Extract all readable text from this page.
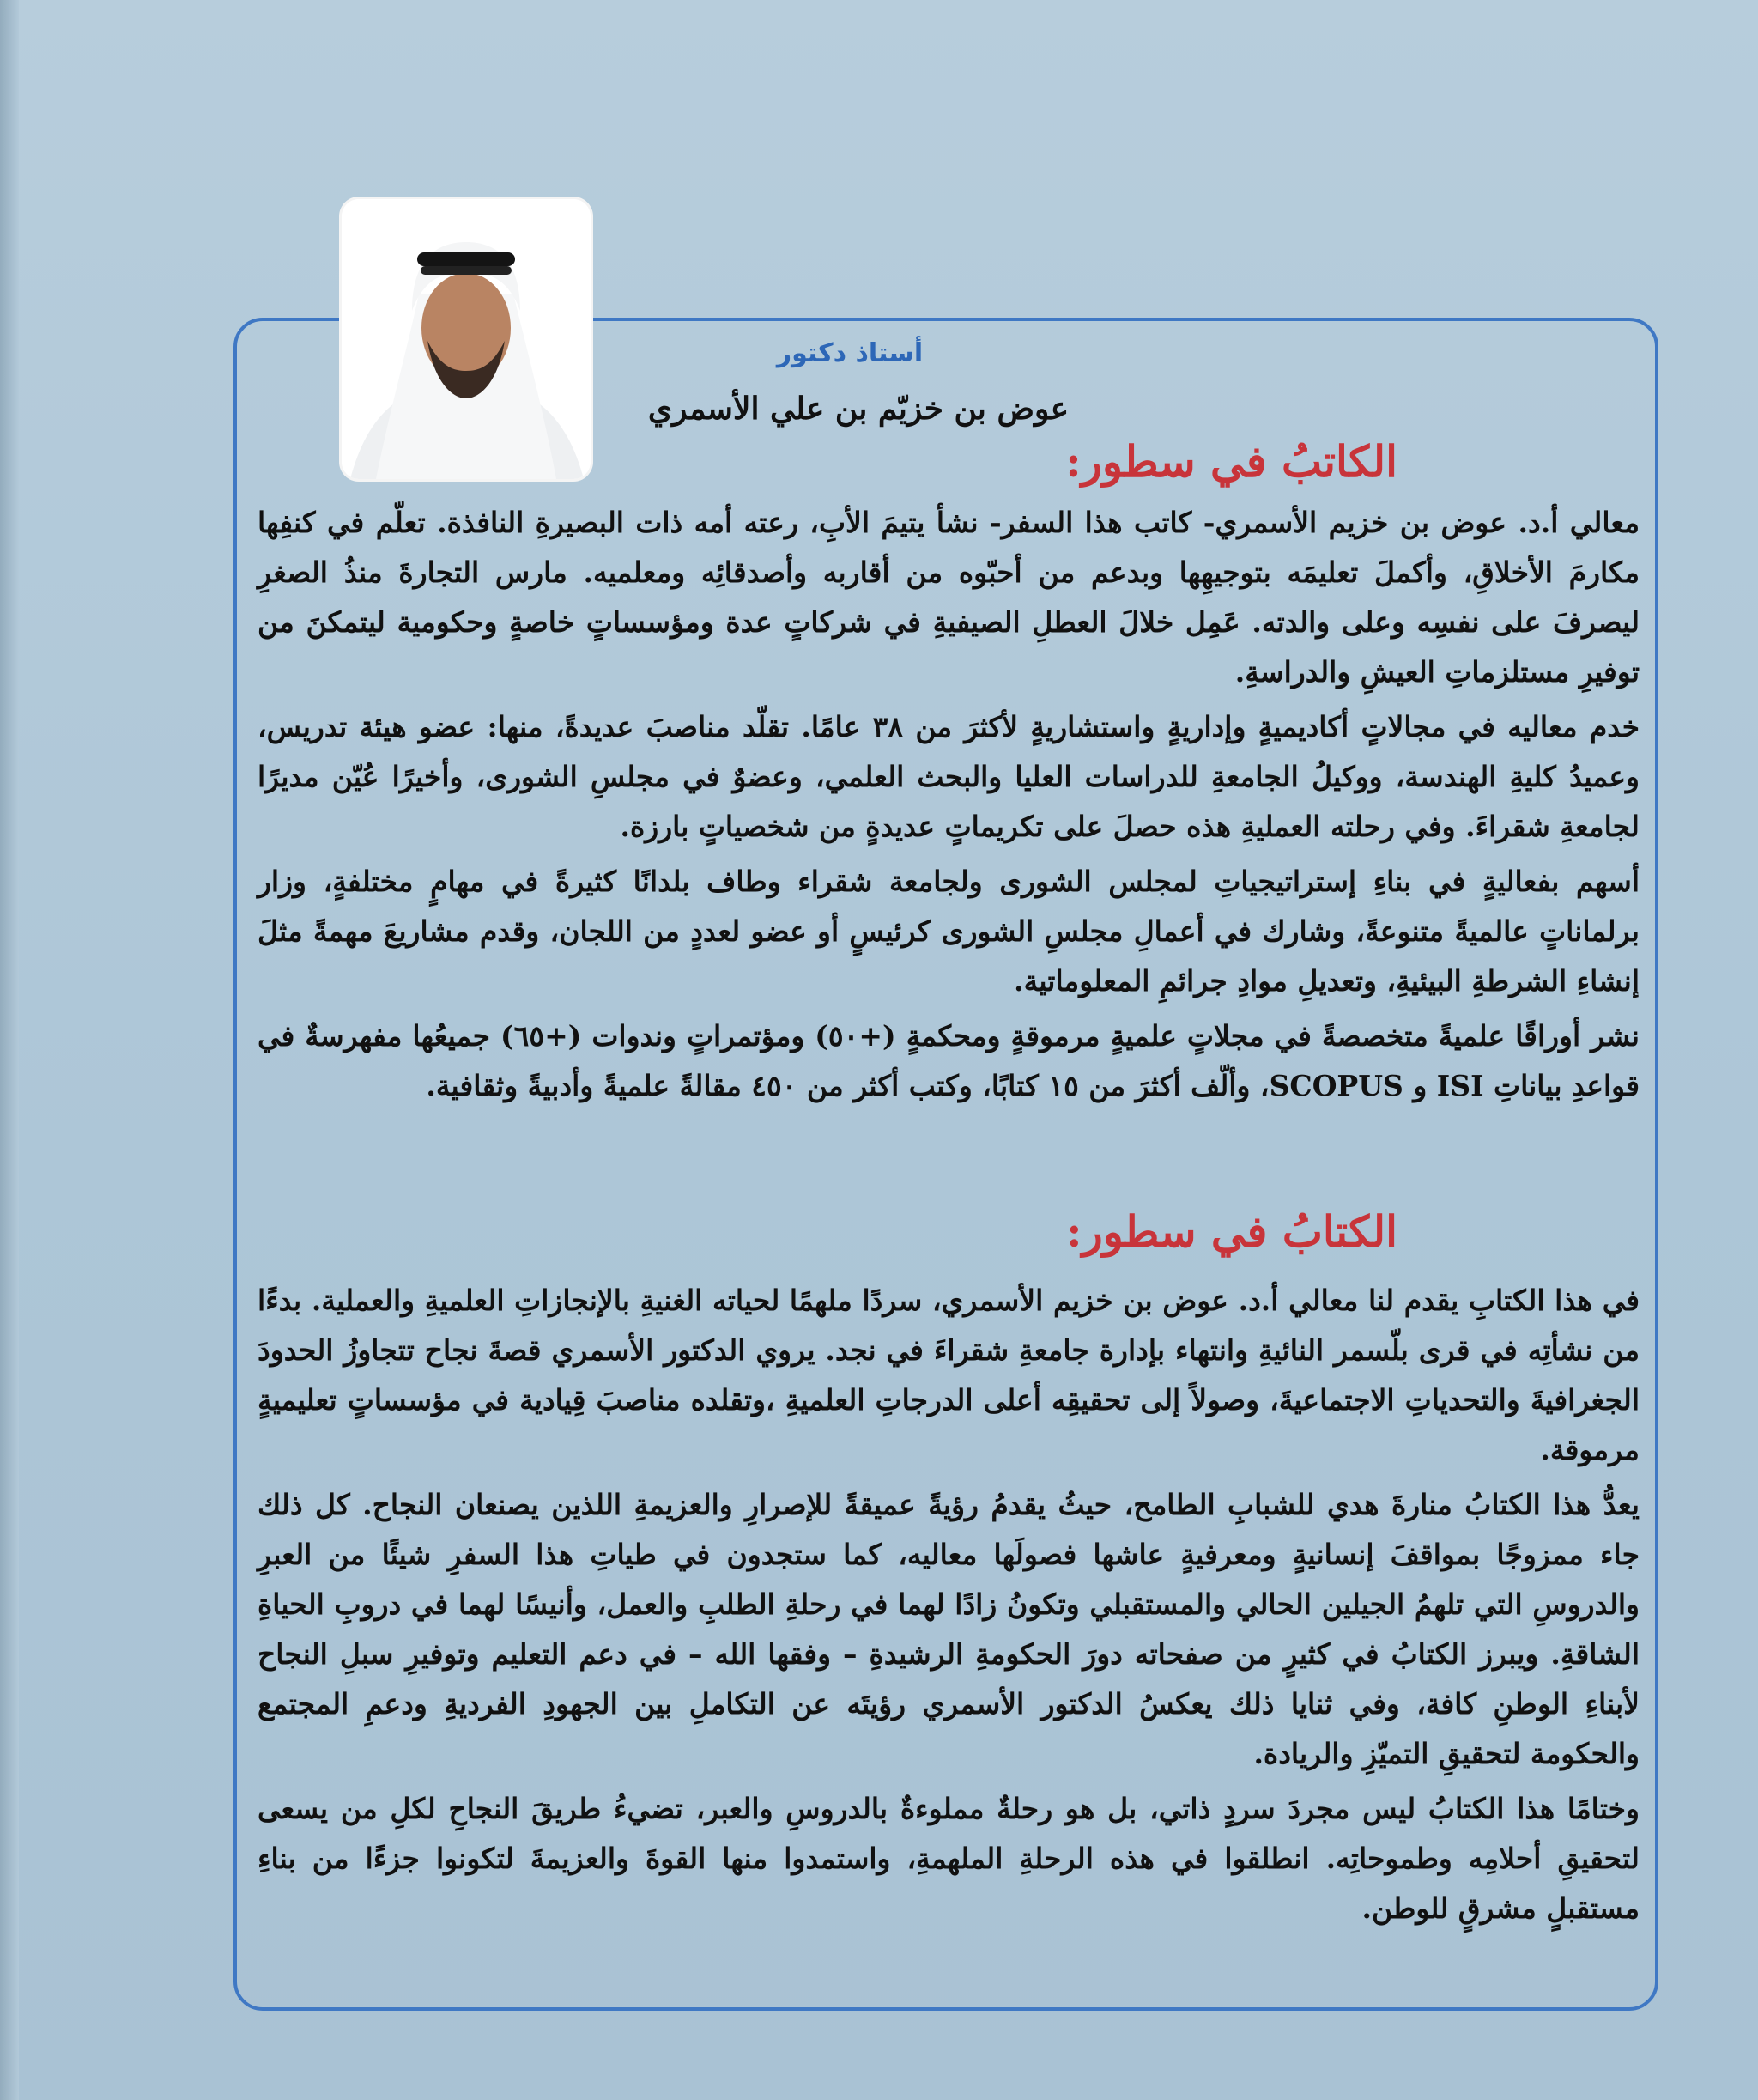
أستاذ دكتور
عوض بن خزيّم بن علي الأسمري
الكاتبُ في سطور:

معالي أ.د. عوض بن خزيم الأسمري- كاتب هذا السفر- نشأ يتيمَ الأبِ، رعته أمه ذات البصيرةِ النافذة. تعلّم في كنفِها مكارمَ الأخلاقِ، وأكملَ تعليمَه بتوجيهِها وبدعم من أحبّوه من أقاربه وأصدقائِه ومعلميه. مارس التجارةَ منذُ الصغرِ ليصرفَ على نفسِه وعلى والدته. عَمِل خلالَ العطلِ الصيفيةِ في شركاتٍ عدة ومؤسساتٍ خاصةٍ وحكومية ليتمكنَ من توفيرِ مستلزماتِ العيشِ والدراسةِ.

خدم معاليه في مجالاتٍ أكاديميةٍ وإداريةٍ واستشاريةٍ لأكثرَ من ٣٨ عامًا. تقلّد مناصبَ عديدةً، منها: عضو هيئة تدريس، وعميدُ كليةِ الهندسة، ووكيلُ الجامعةِ للدراسات العليا والبحث العلمي، وعضوٌ في مجلسِ الشورى، وأخيرًا عُيّن مديرًا لجامعةِ شقراءَ. وفي رحلته العمليةِ هذه حصلَ على تكريماتٍ عديدةٍ من شخصياتٍ بارزة.

أسهم بفعاليةٍ في بناءِ إستراتيجياتِ لمجلس الشورى ولجامعة شقراء وطاف بلدانًا كثيرةً في مهامٍ مختلفةٍ، وزار برلماناتٍ عالميةً متنوعةً، وشارك في أعمالِ مجلسِ الشورى كرئيسٍ أو عضو لعددٍ من اللجان، وقدم مشاريعَ مهمةً مثلَ إنشاءِ الشرطةِ البيئيةِ، وتعديلِ موادِ جرائمِ المعلوماتية.

نشر أوراقًا علميةً متخصصةً في مجلاتٍ علميةٍ مرموقةٍ ومحكمةٍ (+٥٠) ومؤتمراتٍ وندوات (+٦٥) جميعُها مفهرسةٌ في قواعدِ بياناتِ ISI و SCOPUS، وألّف أكثرَ من ١٥ كتابًا، وكتب أكثر من ٤٥٠ مقالةً علميةً وأدبيةً وثقافية.

الكتابُ في سطور:

في هذا الكتابِ يقدم لنا معالي أ.د. عوض بن خزيم الأسمري، سردًا ملهمًا لحياته الغنيةِ بالإنجازاتِ العلميةِ والعملية. بدءًا من نشأتِه في قرى بلّسمر النائيةِ وانتهاء بإدارة جامعةِ شقراءَ في نجد. يروي الدكتور الأسمري قصةَ نجاح تتجاوزُ الحدودَ الجغرافيةَ والتحدياتِ الاجتماعيةَ، وصولاً إلى تحقيقِه أعلى الدرجاتِ العلميةِ ،وتقلده مناصبَ قِيادية في مؤسساتٍ تعليميةٍ مرموقة.

يعدُّ هذا الكتابُ منارةَ هدي للشبابِ الطامح، حيثُ يقدمُ رؤيةً عميقةً للإصرارِ والعزيمةِ اللذين يصنعان النجاح. كل ذلك جاء ممزوجًا بمواقفَ إنسانيةٍ ومعرفيةٍ عاشها فصولَها معاليه، كما ستجدون في طياتِ هذا السفرِ شيئًا من العبرِ والدروسِ التي تلهمُ الجيلين الحالي والمستقبلي وتكونُ زادًا لهما في رحلةِ الطلبِ والعمل، وأنيسًا لهما في دروبِ الحياةِ الشاقةِ. ويبرز الكتابُ في كثيرٍ من صفحاته دورَ الحكومةِ الرشيدةِ – وفقها الله – في دعم التعليم وتوفيرِ سبلِ النجاح لأبناءِ الوطنِ كافة، وفي ثنايا ذلك يعكسُ الدكتور الأسمري رؤيتَه عن التكاملِ بين الجهودِ الفرديةِ ودعمِ المجتمع والحكومة لتحقيقِ التميّزِ والريادة.

وختامًا هذا الكتابُ ليس مجردَ سردٍ ذاتي، بل هو رحلةٌ مملوءةٌ بالدروسِ والعبر، تضيءُ طريقَ النجاحِ لكلِ من يسعى لتحقيقِ أحلامِه وطموحاتِه. انطلقوا في هذه الرحلةِ الملهمةِ، واستمدوا منها القوةَ والعزيمةَ لتكونوا جزءًا من بناءِ مستقبلٍ مشرقٍ للوطن.
